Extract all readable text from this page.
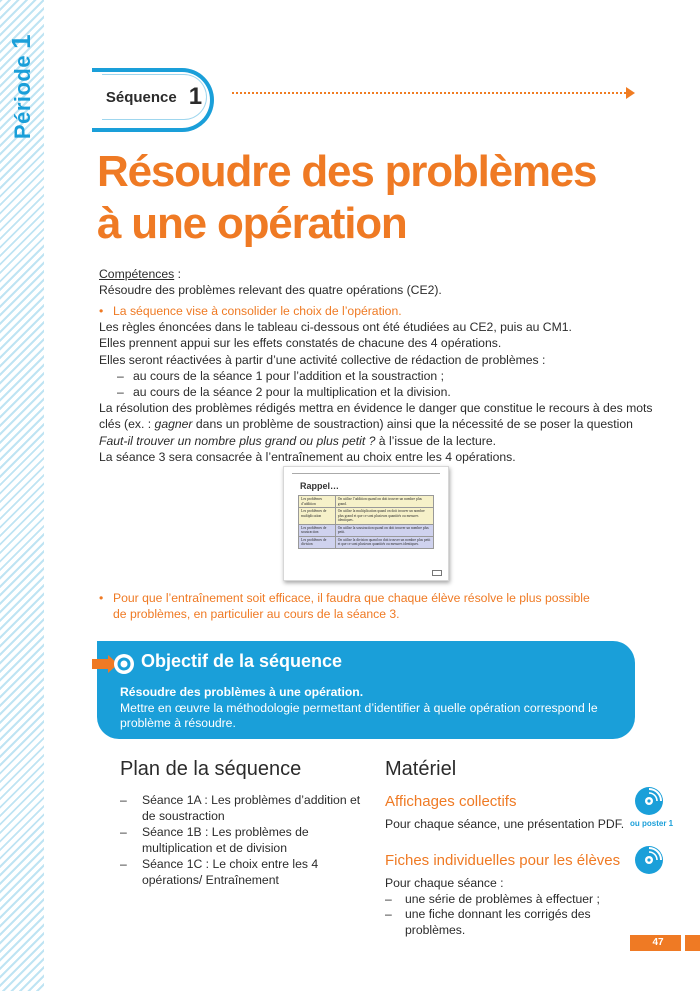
Période1
Séquence 1
Résoudre des problèmes
à une opération
Compétences :
Résoudre des problèmes relevant des quatre opérations (CE2).
• La séquence vise à consolider le choix de l’opération.
Les règles énoncées dans le tableau ci-dessous ont été étudiées au CE2, puis au CM1.
Elles prennent appui sur les effets constatés de chacune des 4 opérations.
Elles seront réactivées à partir d’une activité collective de rédaction de problèmes :
– au cours de la séance 1 pour l’addition et la soustraction ;
– au cours de la séance 2 pour la multiplication et la division.
La résolution des problèmes rédigés mettra en évidence le danger que constitue le recours à des mots clés (ex. : gagner dans un problème de soustraction) ainsi que la nécessité de se poser la question Faut-il trouver un nombre plus grand ou plus petit ? à l’issue de la lecture.
La séance 3 sera consacrée à l’entraînement au choix entre les 4 opérations.
Rappel…
Les problèmes d’addition	On utilise l’addition quand on doit trouver un nombre plus grand.
Les problèmes de multiplication	On utilise la multiplication quand on doit trouver un nombre plus grand et que ce sont plusieurs quantités ou mesures identiques.
Les problèmes de soustraction	On utilise la soustraction quand on doit trouver un nombre plus petit.
Les problèmes de division	On utilise la division quand on doit trouver un nombre plus petit et que ce sont plusieurs quantités ou mesures identiques.
• Pour que l’entraînement soit efficace, il faudra que chaque élève résolve le plus possible
de problèmes, en particulier au cours de la séance 3.
Objectif de la séquence
Résoudre des problèmes à une opération.
Mettre en œuvre la méthodologie permettant d’identifier à quelle opération correspond le problème à résoudre.
Plan de la séquence
– Séance 1A : Les problèmes d’addition et de soustraction
– Séance 1B : Les problèmes de multiplication et de division
– Séance 1C : Le choix entre les 4 opérations/ Entraînement
Matériel
Affichages collectifs
Pour chaque séance, une présentation PDF. ou poster 1
Fiches individuelles pour les élèves
Pour chaque séance :
– une série de problèmes à effectuer ;
– une fiche donnant les corrigés des problèmes.
47
